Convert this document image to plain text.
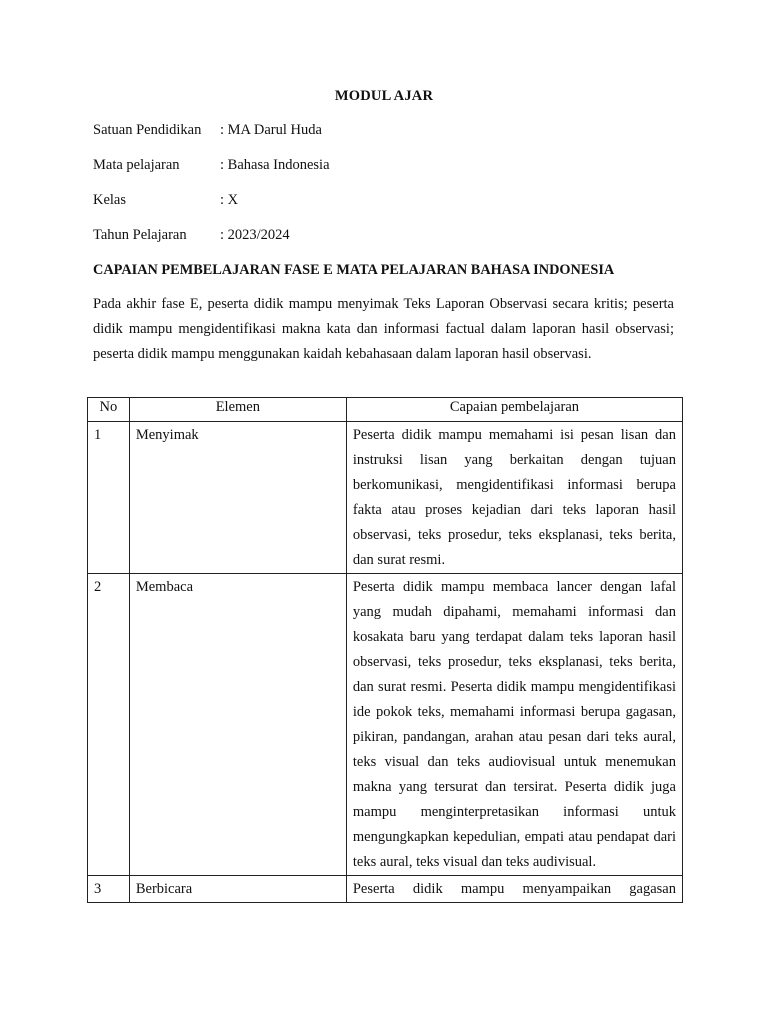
MODUL AJAR
Satuan Pendidikan : MA Darul Huda
Mata pelajaran	: Bahasa Indonesia
Kelas	: X
Tahun Pelajaran : 2023/2024
CAPAIAN PEMBELAJARAN FASE E MATA PELAJARAN BAHASA INDONESIA
Pada akhir fase E, peserta didik mampu menyimak Teks Laporan Observasi secara kritis; peserta didik mampu mengidentifikasi makna kata dan informasi factual dalam laporan hasil observasi; peserta didik mampu menggunakan kaidah kebahasaan dalam laporan hasil observasi.
No	Elemen	Capaian pembelajaran
1	Menyimak	Peserta didik mampu memahami isi pesan lisan dan instruksi lisan yang berkaitan dengan tujuan berkomunikasi, mengidentifikasi informasi berupa fakta atau proses kejadian dari teks laporan hasil observasi, teks prosedur, teks eksplanasi, teks berita, dan surat resmi.
2	Membaca	Peserta didik mampu membaca lancer dengan lafal yang mudah dipahami, memahami informasi dan kosakata baru yang terdapat dalam teks laporan hasil observasi, teks prosedur, teks eksplanasi, teks berita, dan surat resmi. Peserta didik mampu mengidentifikasi ide pokok teks, memahami informasi berupa gagasan, pikiran, pandangan, arahan atau pesan dari teks aural, teks visual dan teks audiovisual untuk menemukan makna yang tersurat dan tersirat. Peserta didik juga mampu menginterpretasikan informasi untuk mengungkapkan kepedulian, empati atau pendapat dari teks aural, teks visual dan teks audivisual.
3	Berbicara	Peserta didik mampu menyampaikan gagasan
